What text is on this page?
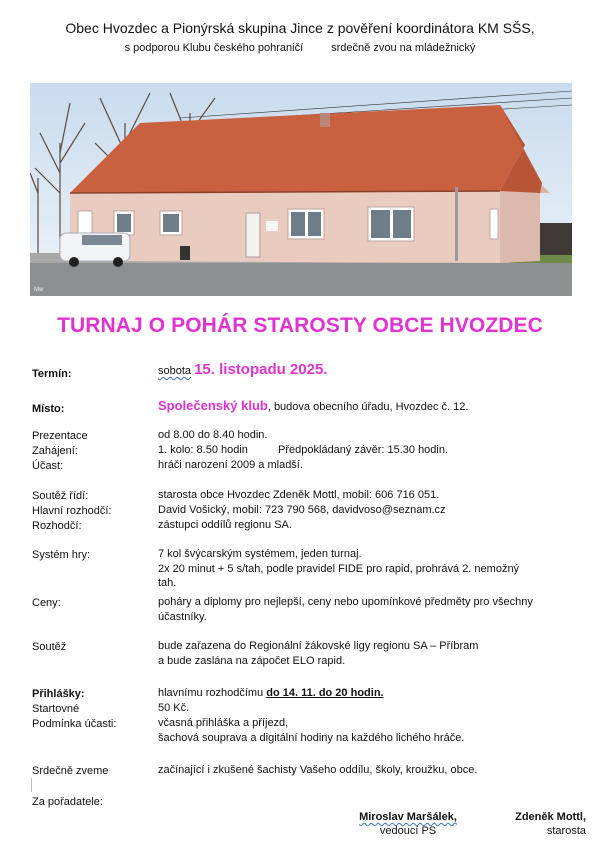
Obec Hvozdec a Pionýrská skupina Jince z pověření koordinátora KM SŠS,
s podporou Klubu českého pohraničí	srdečně zvou na mládežnický
Mw
TURNAJ O POHÁR STAROSTY OBCE HVOZDEC
Termín:	sobota 15. listopadu 2025.
Místo:	Společenský klub, budova obecního úřadu, Hvozdec č. 12.
Prezentace	od 8.00 do 8.40 hodin.
Zahájení:	1. kolo: 8.50 hodin	Předpokládaný závěr: 15.30 hodin.
Účast:	hráči narození 2009 a mladší.
Soutěž řídí:	starosta obce Hvozdec Zdeněk Mottl, mobil: 606 716 051.
Hlavní rozhodčí:	David Vošický, mobil: 723 790 568, davidvoso@seznam.cz
Rozhodčí:	zástupci oddílů regionu SA.
Systém hry:	7 kol švýcarským systémem, jeden turnaj.
2x 20 minut + 5 s/tah, podle pravidel FIDE pro rapid, prohrává 2. nemožný
tah.
Ceny:	poháry a diplomy pro nejlepší, ceny nebo upomínkové předměty pro všechny
účastníky.
Soutěž	bude zařazena do Regionální žákovské ligy regionu SA – Příbram
a bude zaslána na zápočet ELO rapid.
Přihlášky:	hlavnímu rozhodčímu do 14. 11. do 20 hodin.
Startovné	50 Kč.
Podmínka účasti:	včasná přihláška a příjezd,
šachová souprava a digitální hodiny na každého lichého hráče.
Srdečně zveme	začínající i zkušené šachisty Vašeho oddílu, školy, kroužku, obce.
Za pořadatele:
Miroslav Maršálek,
vedoucí PS
Zdeněk Mottl,
starosta
